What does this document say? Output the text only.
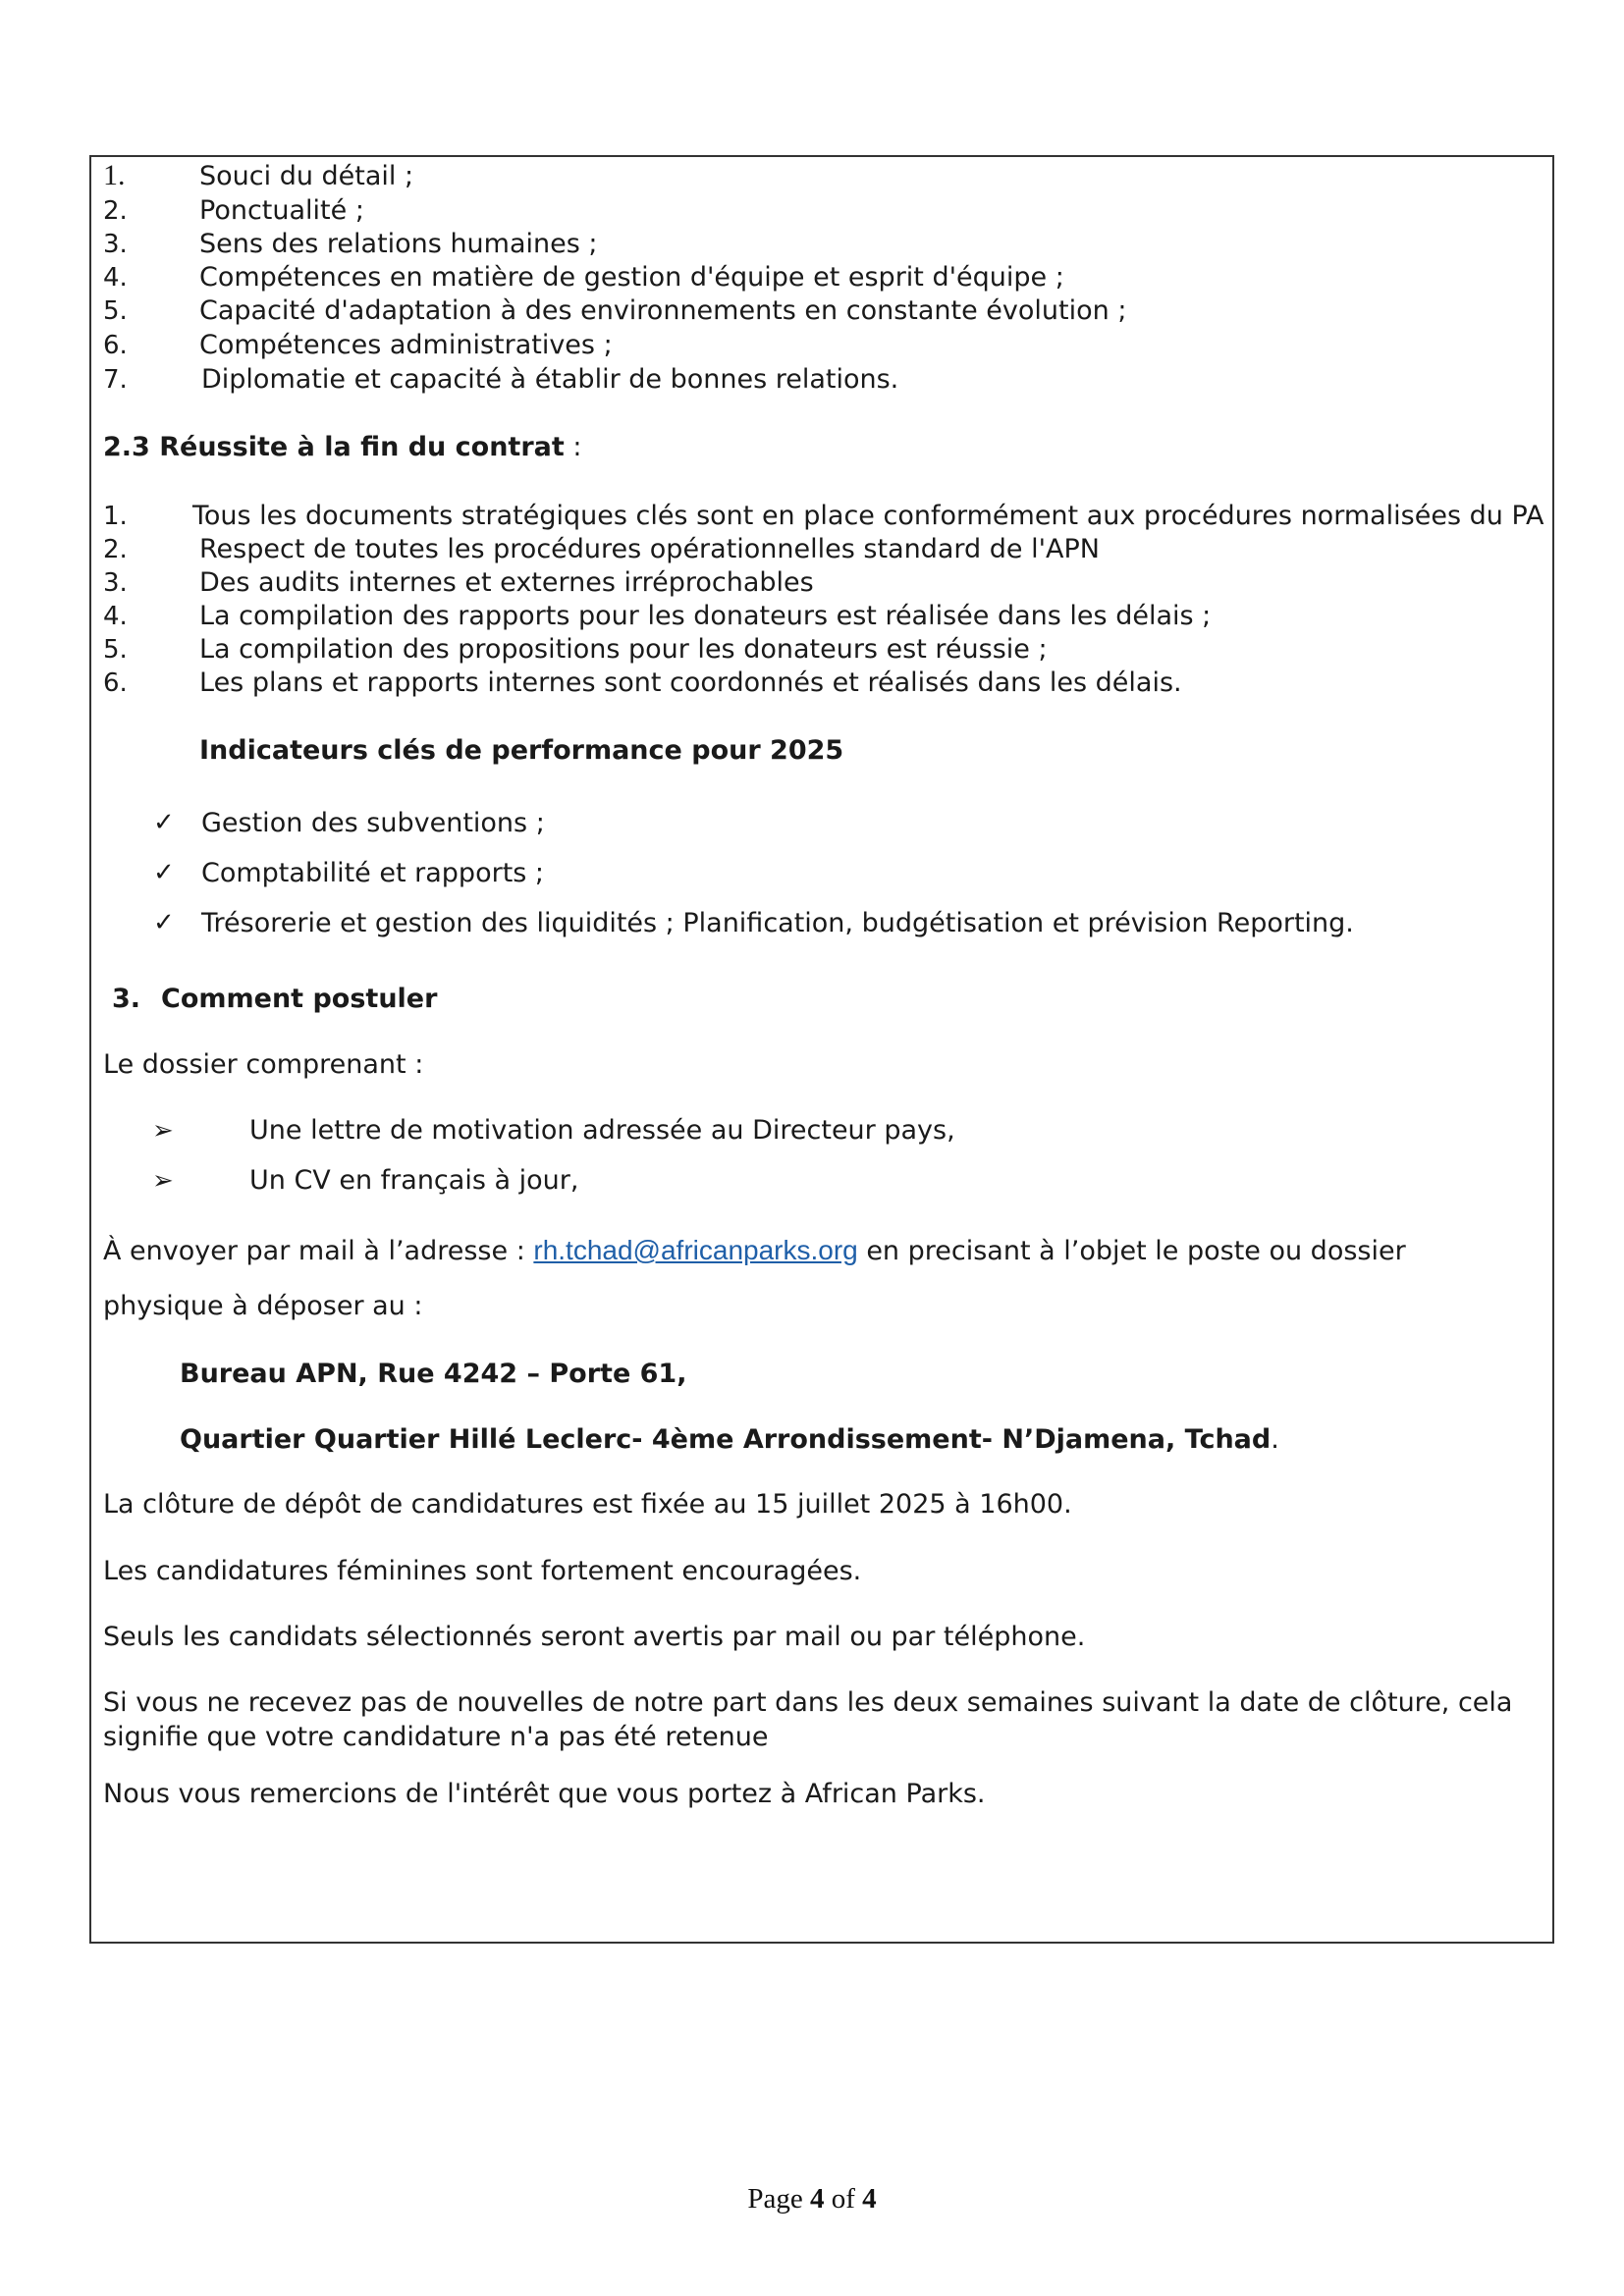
1.	Souci du détail ;
2.	Ponctualité ;
3.	Sens des relations humaines ;
4.	Compétences en matière de gestion d'équipe et esprit d'équipe ;
5.	Capacité d'adaptation à des environnements en constante évolution ;
6.	Compétences administratives ;
7.	Diplomatie et capacité à établir de bonnes relations.
2.3 Réussite à la fin du contrat :
1. Tous les documents stratégiques clés sont en place conformément aux procédures normalisées du PA
2.	Respect de toutes les procédures opérationnelles standard de l'APN
3.	Des audits internes et externes irréprochables
4.	La compilation des rapports pour les donateurs est réalisée dans les délais ;
5.	La compilation des propositions pour les donateurs est réussie ;
6.	Les plans et rapports internes sont coordonnés et réalisés dans les délais.
Indicateurs clés de performance pour 2025
✓ Gestion des subventions ;
✓ Comptabilité et rapports ;
✓ Trésorerie et gestion des liquidités ; Planification, budgétisation et prévision Reporting.
3. Comment postuler
Le dossier comprenant :
➢	Une lettre de motivation adressée au Directeur pays,
➢	Un CV en français à jour,
À envoyer par mail à l’adresse : rh.tchad@africanparks.org en precisant à l’objet le poste ou dossier
physique à déposer au :
Bureau APN, Rue 4242 – Porte 61,
Quartier Quartier Hillé Leclerc- 4ème Arrondissement- N’Djamena, Tchad.
La clôture de dépôt de candidatures est fixée au 15 juillet 2025 à 16h00.
Les candidatures féminines sont fortement encouragées.
Seuls les candidats sélectionnés seront avertis par mail ou par téléphone.
Si vous ne recevez pas de nouvelles de notre part dans les deux semaines suivant la date de clôture, cela
signifie que votre candidature n'a pas été retenue
Nous vous remercions de l'intérêt que vous portez à African Parks.
Page 4 of 4
